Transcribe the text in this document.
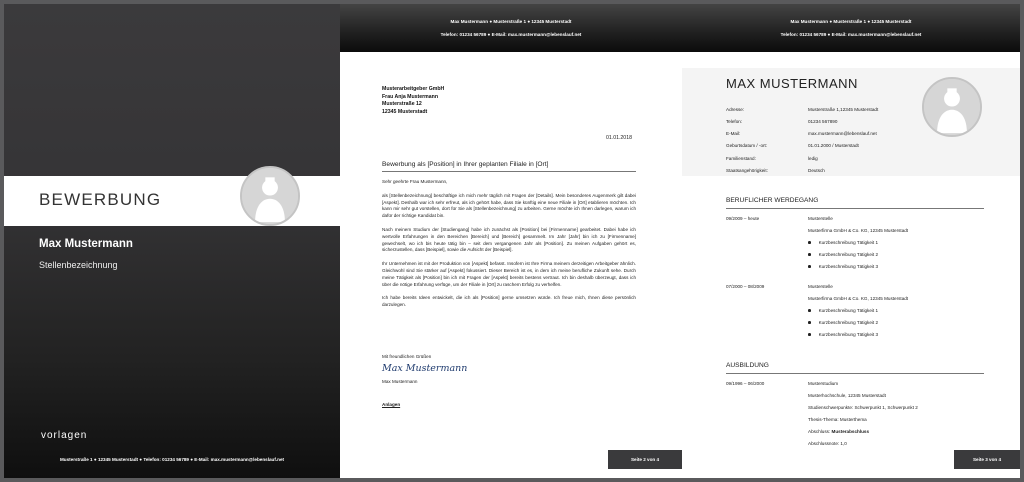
BEWERBUNG
Max Mustermann
Stellenbezeichnung
vorlagen
Musterstraße 1 ● 12345 Musterstadt ● Telefon: 01234 56789 ● E-Mail: max.mustermann@lebenslauf.net
Max Mustermann ● Musterstraße 1 ● 12345 Musterstadt
Telefon: 01234 56789 ● E-Mail: max.mustermann@lebenslauf.net
Musterarbeitgeber GmbH
Frau Anja Mustermann
Musterstraße 12
12345 Musterstadt
01.01.2018
Bewerbung als [Position] in Ihrer geplanten Filiale in [Ort]

Sehr geehrte Frau Mustermann,

als [Stellenbezeichnung] beschäftige ich mich mehr täglich mit Fragen der [Details]. Mein besonderes Augenmerk gilt dabei [Aspekt]. Deshalb war ich sehr erfreut, als ich gehört habe, dass Sie künftig eine neue Filiale in [Ort] etablieren möchten. Ich kann mir sehr gut vorstellen, dort für Sie als [Stellenbezeichnung] zu arbeiten. Gerne möchte ich Ihnen darlegen, warum ich dafür der richtige Kandidat bin.

Nach meinem Studium der [Studiengang] habe ich zunächst als [Position] bei [Firmenname] gearbeitet. Dabei habe ich wertvolle Erfahrungen in den Bereichen [Bereich] und [Bereich] gesammelt. Im Jahr [Jahr] bin ich zu [Firmenname] gewechselt, wo ich bis heute tätig bin – seit dem vergangenen Jahr als [Position]. Zu meinen Aufgaben gehört es, sicherzustellen, dass [Beispiel], sowie die Aufsicht der [Beispiel].

Ihr Unternehmen ist mit der Produktion von [Aspekt] befasst. Insofern ist Ihre Firma meinem derzeitigen Arbeitgeber ähnlich. Gleichwohl sind Sie stärker auf [Aspekt] fokussiert. Dieser Bereich ist es, in dem ich meine berufliche Zukunft sehe. Durch meine Tätigkeit als [Position] bin ich mit Fragen der [Aspekt] bereits bestens vertraut. Ich bin deshalb überzeugt, dass ich über die nötige Erfahrung verfüge, um der Filiale in [Ort] zu raschem Erfolg zu verhelfen.

Ich habe bereits Ideen entwickelt, die ich als [Position] gerne umsetzen würde. Ich freue mich, Ihnen diese persönlich darzulegen.

Mit freundlichen Grüßen
Max Mustermann
Max Mustermann
Anlagen
Seite 2 von 4
Max Mustermann ● Musterstraße 1 ● 12345 Musterstadt
Telefon: 01234 56789 ● E-Mail: max.mustermann@lebenslauf.net
MAX MUSTERMANN
Adresse:	Musterstraße 1,12345 Musterstadt
Telefon:	01234 567890
E-Mail:	max.mustermann@lebenslauf.net
Geburtsdatum / -ort:	01.01.2000 / Musterstadt
Familienstand:	ledig
Staatsangehörigkeit:	Deutsch
BERUFLICHER WERDEGANG
09/2009 – heute	Musterstelle
Musterfirma GmbH & Co. KG, 12345 Musterstadt
Kurzbeschreibung Tätigkeit 1
Kurzbeschreibung Tätigkeit 2
Kurzbeschreibung Tätigkeit 3
07/2000 – 08/2009	Musterstelle
Musterfirma GmbH & Co. KG, 12345 Musterstadt
Kurzbeschreibung Tätigkeit 1
Kurzbeschreibung Tätigkeit 2
Kurzbeschreibung Tätigkeit 3
AUSBILDUNG
09/1996 – 06/2000	Musterstudium
Musterhochschule, 12345 Musterstadt
Studienschwerpunkte: Schwerpunkt 1, Schwerpunkt 2
Thesis-Thema: Musterthema
Abschluss: Musterabschluss
Abschlussnote: 1,0
Seite 3 von 4
